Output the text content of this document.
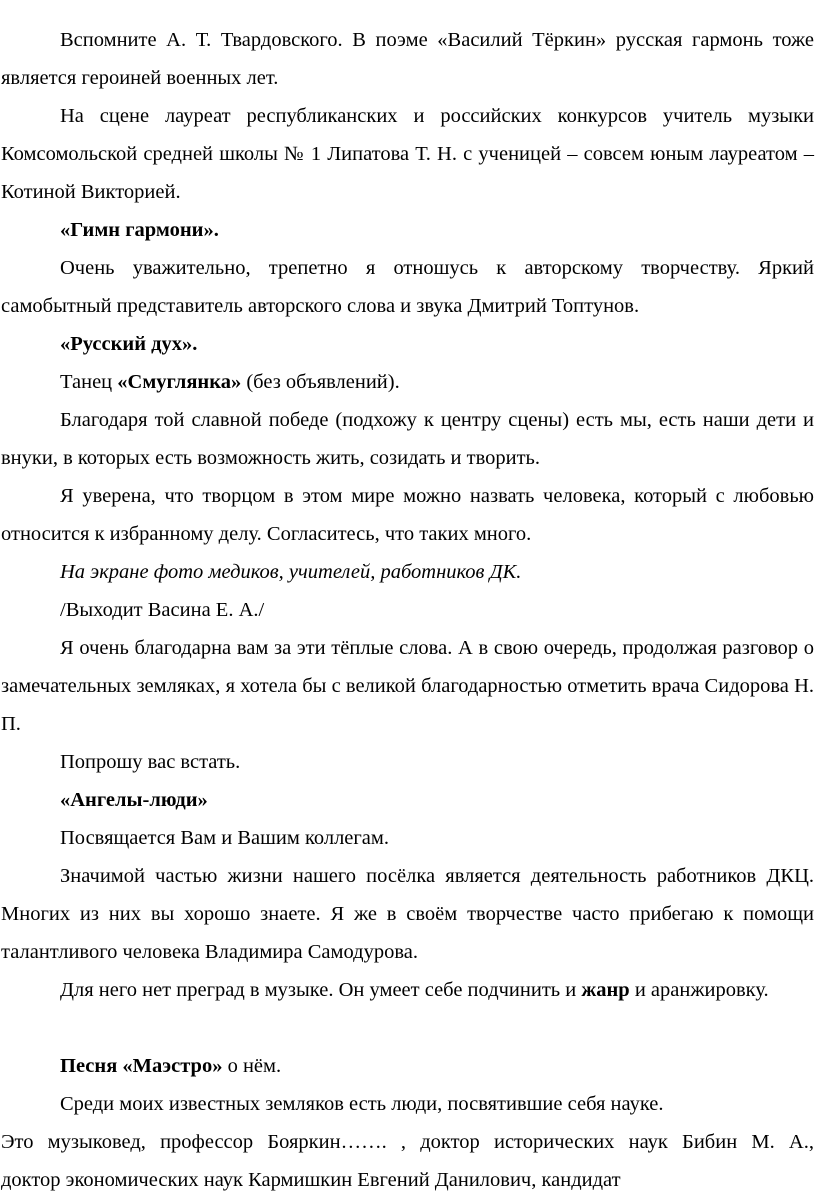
Вспомните А. Т. Твардовского. В поэме «Василий Тёркин» русская гармонь тоже является героиней военных лет.

На сцене лауреат республиканских и российских конкурсов учитель музыки Комсомольской средней школы № 1 Липатова Т. Н. с ученицей – совсем юным лауреатом – Котиной Викторией.

«Гимн гармони».

Очень уважительно, трепетно я отношусь к авторскому творчеству. Яркий самобытный представитель авторского слова и звука Дмитрий Топтунов.

«Русский дух».

Танец «Смуглянка» (без объявлений).

Благодаря той славной победе (подхожу к центру сцены) есть мы, есть наши дети и внуки, в которых есть возможность жить, созидать и творить.

Я уверена, что творцом в этом мире можно назвать человека, который с любовью относится к избранному делу. Согласитесь, что таких много.

На экране фото медиков, учителей, работников ДК.

/Выходит Васина Е. А./

Я очень благодарна вам за эти тёплые слова. А в свою очередь, продолжая разговор о замечательных земляках, я хотела бы с великой благодарностью отметить врача Сидорова Н. П.

Попрошу вас встать.

«Ангелы-люди»

Посвящается Вам и Вашим коллегам.

Значимой частью жизни нашего посёлка является деятельность работников ДКЦ. Многих из них вы хорошо знаете. Я же в своём творчестве часто прибегаю к помощи талантливого человека Владимира Самодурова.

Для него нет преград в музыке. Он умеет себе подчинить и жанр и аранжировку.

Песня «Маэстро» о нём.

Среди моих известных земляков есть люди, посвятившие себя науке.

Это музыковед, профессор Бояркин……. , доктор исторических наук Бибин М. А.,

доктор экономических наук Кармишкин Евгений Данилович, кандидат
